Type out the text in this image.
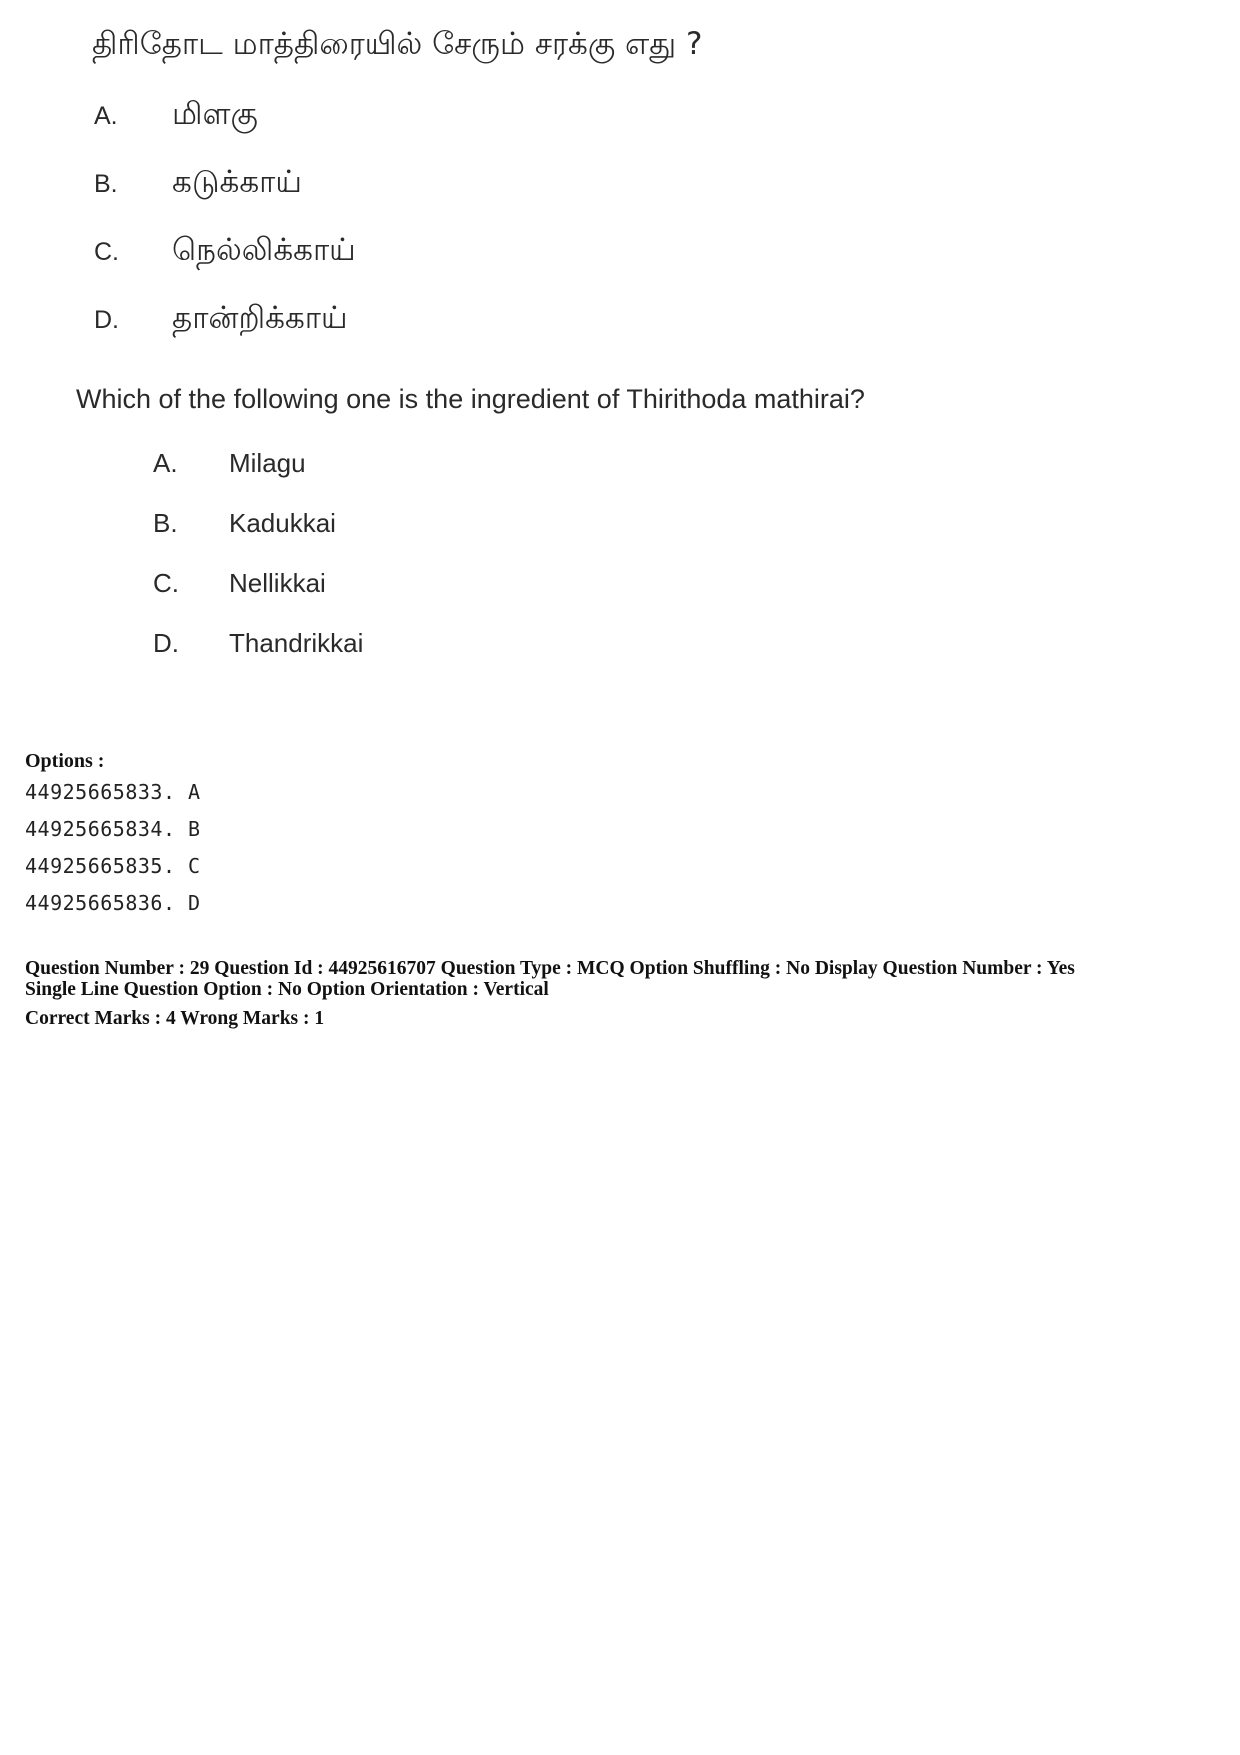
திரிதோட மாத்திரையில் சேரும் சரக்கு எது ?
A. மிளகு
B. கடுக்காய்
C. நெல்லிக்காய்
D. தான்றிக்காய்
Which of the following one is the ingredient of Thirithoda mathirai?
A. Milagu
B. Kadukkai
C. Nellikkai
D. Thandrikkai
Options :
44925665833. A
44925665834. B
44925665835. C
44925665836. D
Question Number : 29 Question Id : 44925616707 Question Type : MCQ Option Shuffling : No Display Question Number : Yes
Single Line Question Option : No Option Orientation : Vertical
Correct Marks : 4 Wrong Marks : 1
